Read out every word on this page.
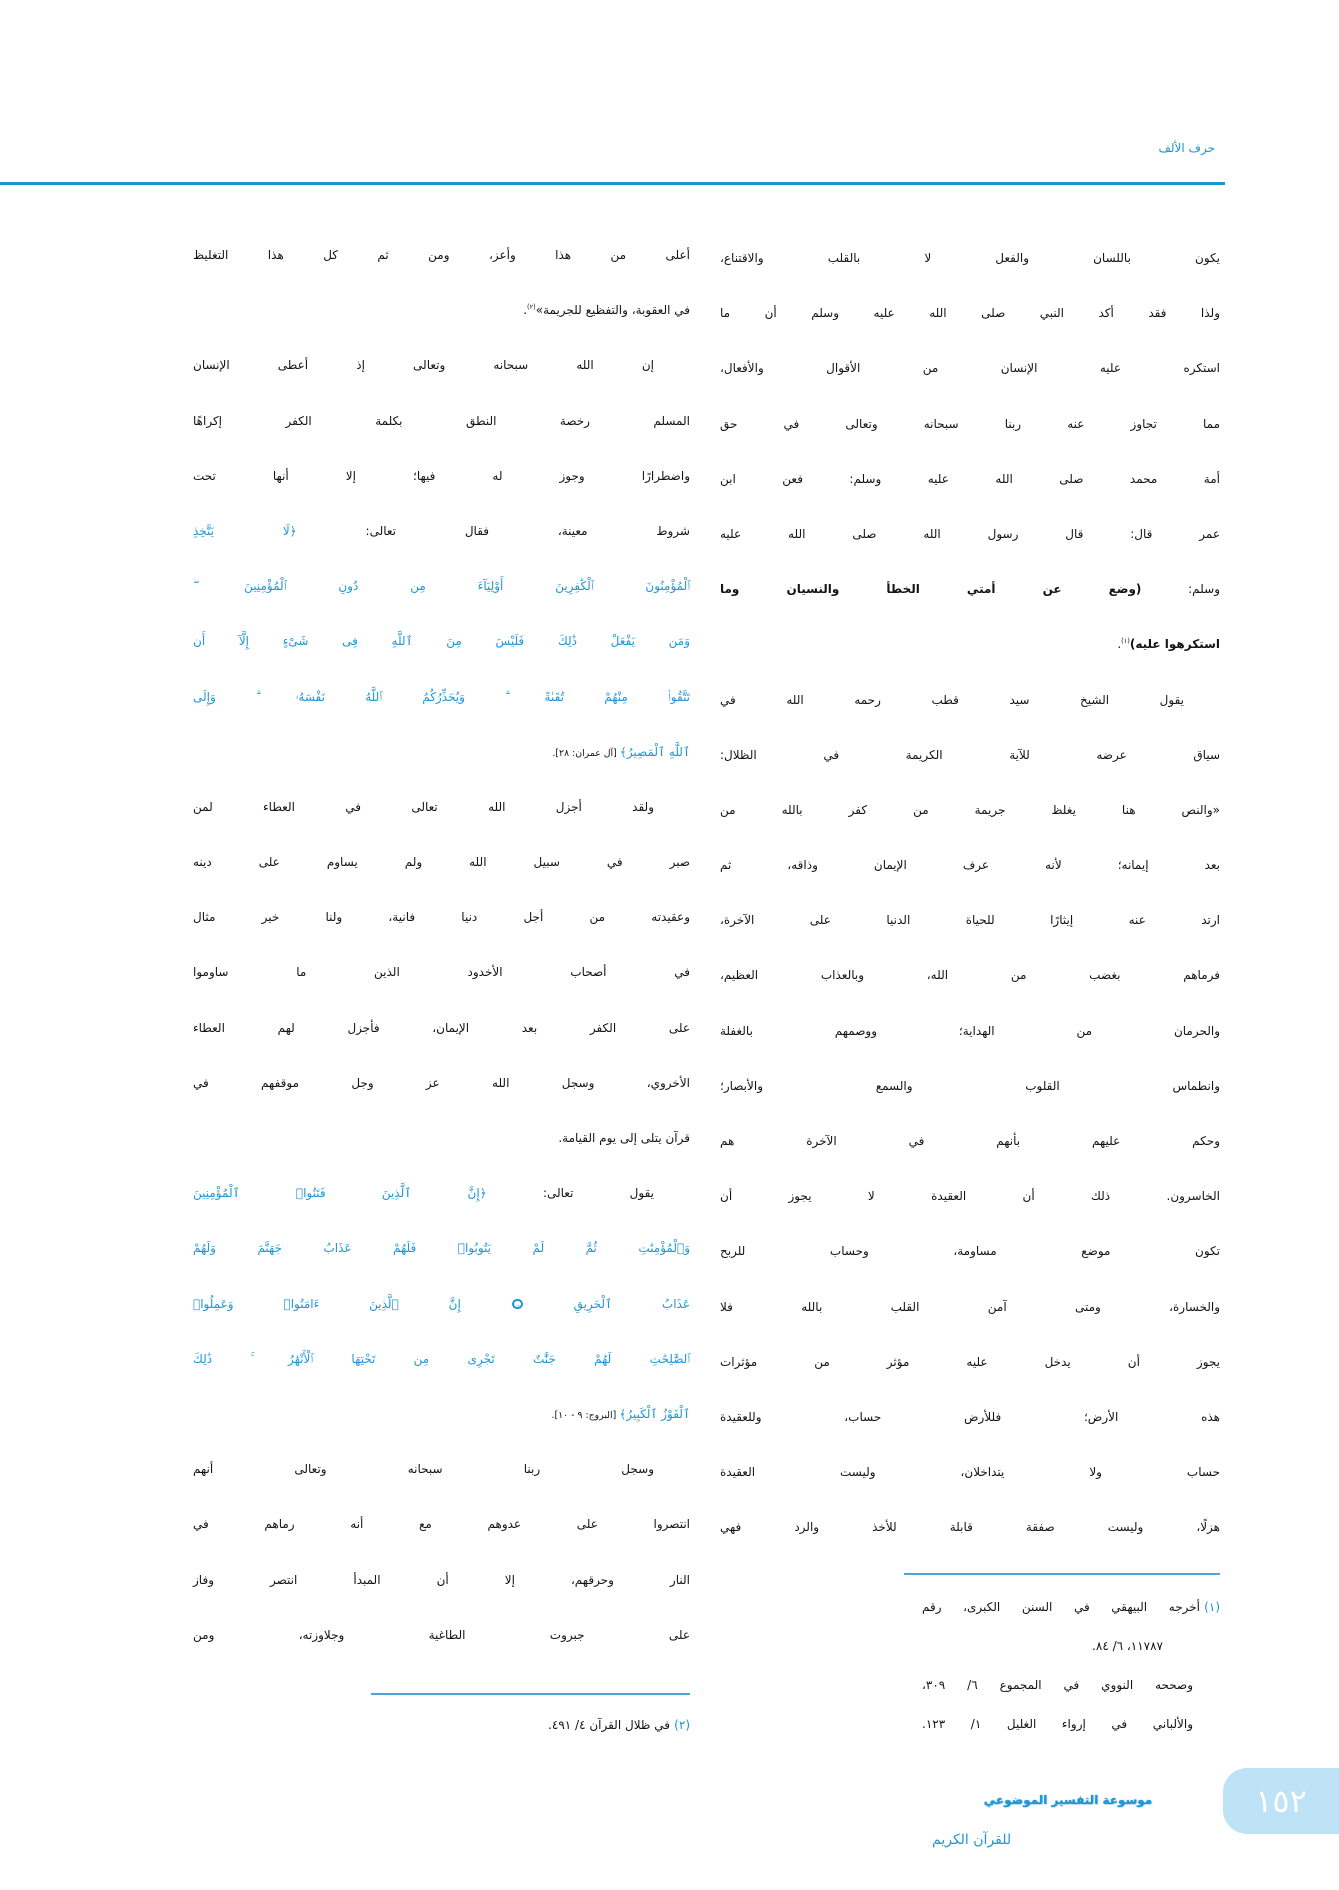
حرف الألف
يكون باللسان والفعل لا بالقلب والاقتناع،
ولذا فقد أكد النبي صلى الله عليه وسلم أن ما
استكره عليه الإنسان من الأقوال والأفعال،
مما تجاوز عنه ربنا سبحانه وتعالى في حق
أمة محمد صلى الله عليه وسلم: فعن ابن
عمر قال: قال رسول الله صلى الله عليه
وسلم: (وضع عن أمتي الخطأ والنسيان وما
استكرهوا عليه)$^{(١)}$.
يقول الشيخ سيد قطب رحمه الله في
سياق عرضه للآية الكريمة في الظلال:
«والنص هنا يغلظ جريمة من كفر بالله من
بعد إيمانه؛ لأنه عرف الإيمان وذاقه، ثم
ارتد عنه إيثارًا للحياة الدنيا على الآخرة،
فرماهم بغضب من الله، وبالعذاب العظيم،
والحرمان من الهداية؛ ووصمهم بالغفلة
وانطماس القلوب والسمع والأبصار؛
وحكم عليهم بأنهم في الآخرة هم
الخاسرون. ذلك أن العقيدة لا يجوز أن
تكون موضع مساومة، وحساب للربح
والخسارة، ومتى آمن القلب بالله فلا
يجوز أن يدخل عليه مؤثر من مؤثرات
هذه الأرض؛ فللأرض حساب، وللعقيدة
حساب ولا يتداخلان، وليست العقيدة
هزلًا، وليست صفقة قابلة للأخذ والرد فهي
أعلى من هذا وأعز، ومن ثم كل هذا التغليظ
في العقوبة، والتفظيع للجريمة»$^{(٢)}$.
إن الله سبحانه وتعالى إذ أعطى الإنسان
المسلم رخصة النطق بكلمة الكفر إكراهًا
واضطرارًا وجوز له فيها؛ إلا أنها تحت
شروط معينة، فقال تعالى: ﴿لَا يَتَّخِذِ
ٱلْمُؤْمِنُونَ ٱلْكَٰفِرِينَ أَوْلِيَآءَ مِن دُونِ ٱلْمُؤْمِنِينَ ۖ
وَمَن يَفْعَلْ ذَٰلِكَ فَلَيْسَ مِنَ ٱللَّهِ فِى شَىْءٍ إِلَّآ أَن
تَتَّقُوا۟ مِنْهُمْ تُقَىٰةً ۗ وَيُحَذِّرُكُمُ ٱللَّهُ نَفْسَهُۥ ۗ وَإِلَى
ٱللَّهِ ٱلْمَصِيرُ﴾ [آل عمران: ٢٨].
ولقد أجزل الله تعالى في العطاء لمن
صبر في سبيل الله ولم يساوم على دينه
وعقيدته من أجل دنيا فانية، ولنا خير مثال
في أصحاب الأخدود الذين ما ساوموا
على الكفر بعد الإيمان، فأجزل لهم العطاء
الأخروي، وسجل الله عز وجل موقفهم في
قرآن يتلى إلى يوم القيامة.
يقول تعالى: ﴿إِنَّ ٱلَّذِينَ فَتَنُوا۟ ٱلْمُؤْمِنِينَ
وَٱلْمُؤْمِنَٰتِ ثُمَّ لَمْ يَتُوبُوا۟ فَلَهُمْ عَذَابُ جَهَنَّمَ وَلَهُمْ
عَذَابُ ٱلْحَرِيقِ ١٠ إِنَّ ٱلَّذِينَ ءَامَنُوا۟ وَعَمِلُوا۟
ٱلصَّٰلِحَٰتِ لَهُمْ جَنَّٰتٌ تَجْرِى مِن تَحْتِهَا ٱلْأَنْهَٰرُ ۚ ذَٰلِكَ
ٱلْفَوْزُ ٱلْكَبِيرُ﴾ [البروج: ٩ - ١٠].
وسجل ربنا سبحانه وتعالى أنهم
انتصروا على عدوهم مع أنه رماهم في
النار وحرقهم، إلا أن المبدأ انتصر وفاز
على جبروت الطاغية وجلاوزته، ومن
(١)أخرجه البيهقي في السنن الكبرى، رقم
١١٧٨٧، ٦/ ٨٤.
وصححه النووي في المجموع ٦/ ٣٠٩،
والألباني في إرواء الغليل ١/ ١٢٣.
(٢)في ظلال القرآن ٤/ ٤٩١.
١٥٢
موسوعة التفسير الموضوعي
للقرآن الكريم
